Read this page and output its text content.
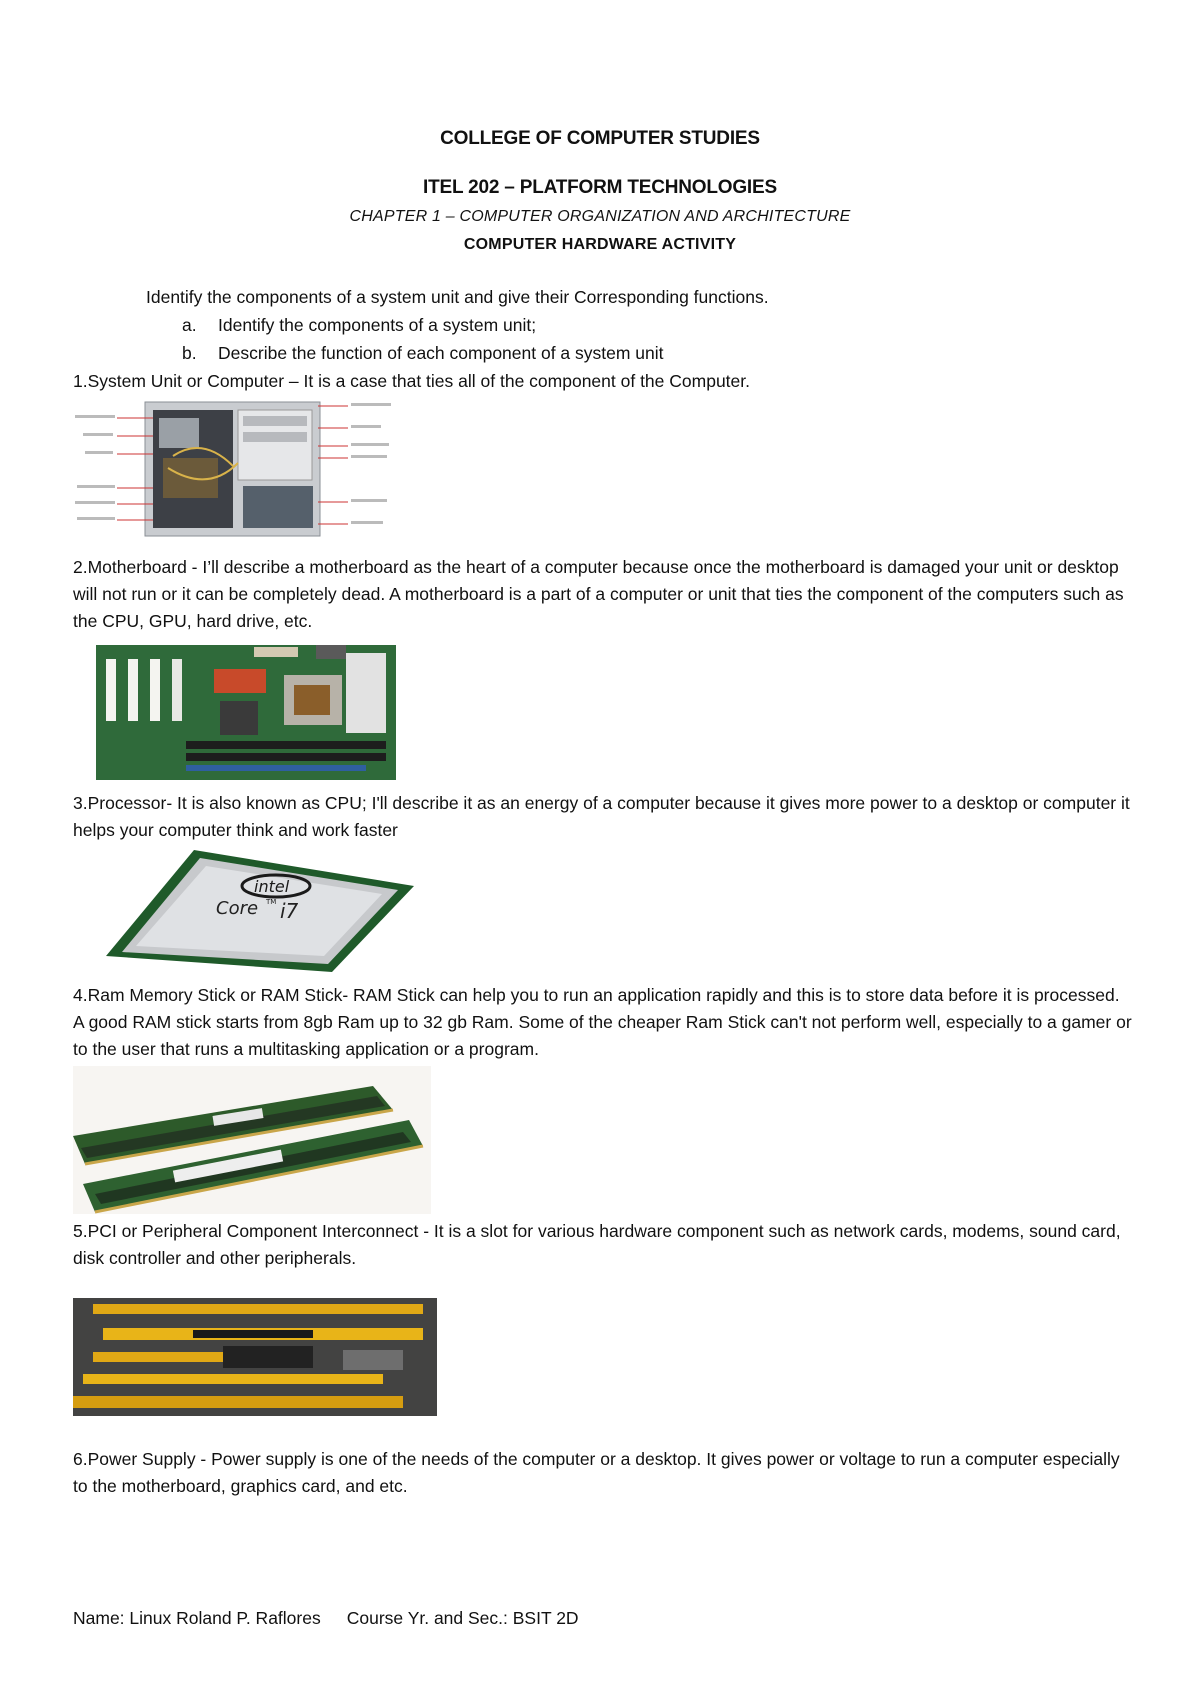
COLLEGE OF COMPUTER STUDIES
ITEL 202 – PLATFORM TECHNOLOGIES
CHAPTER 1 – COMPUTER ORGANIZATION AND ARCHITECTURE
COMPUTER HARDWARE ACTIVITY
Identify the components of a system unit and give their Corresponding functions.
a. Identify the components of a system unit;
b. Describe the function of each component of a system unit
1.System Unit or Computer – It is a case that ties all of the component of the Computer.
2.Motherboard - I’ll describe a motherboard as the heart of a computer because once the motherboard is damaged your unit or desktop will not run or it can be completely dead. A motherboard is a part of a computer or unit that ties the component of the computers such as the CPU, GPU, hard drive, etc.
3.Processor- It is also known as CPU; I'll describe it as an energy of a computer because it gives more power to a desktop or computer it helps your computer think and work faster
intel
Core TM i7
4.Ram Memory Stick or RAM Stick- RAM Stick can help you to run an application rapidly and this is to store data before it is processed. A good RAM stick starts from 8gb Ram up to 32 gb Ram. Some of the cheaper Ram Stick can't not perform well, especially to a gamer or to the user that runs a multitasking application or a program.
5.PCI or Peripheral Component Interconnect - It is a slot for various hardware component such as network cards, modems, sound card, disk controller and other peripherals.
6.Power Supply - Power supply is one of the needs of the computer or a desktop. It gives power or voltage to run a computer especially to the motherboard, graphics card, and etc.
Name: Linux Roland P. Raflores Course Yr. and Sec.: BSIT 2D
